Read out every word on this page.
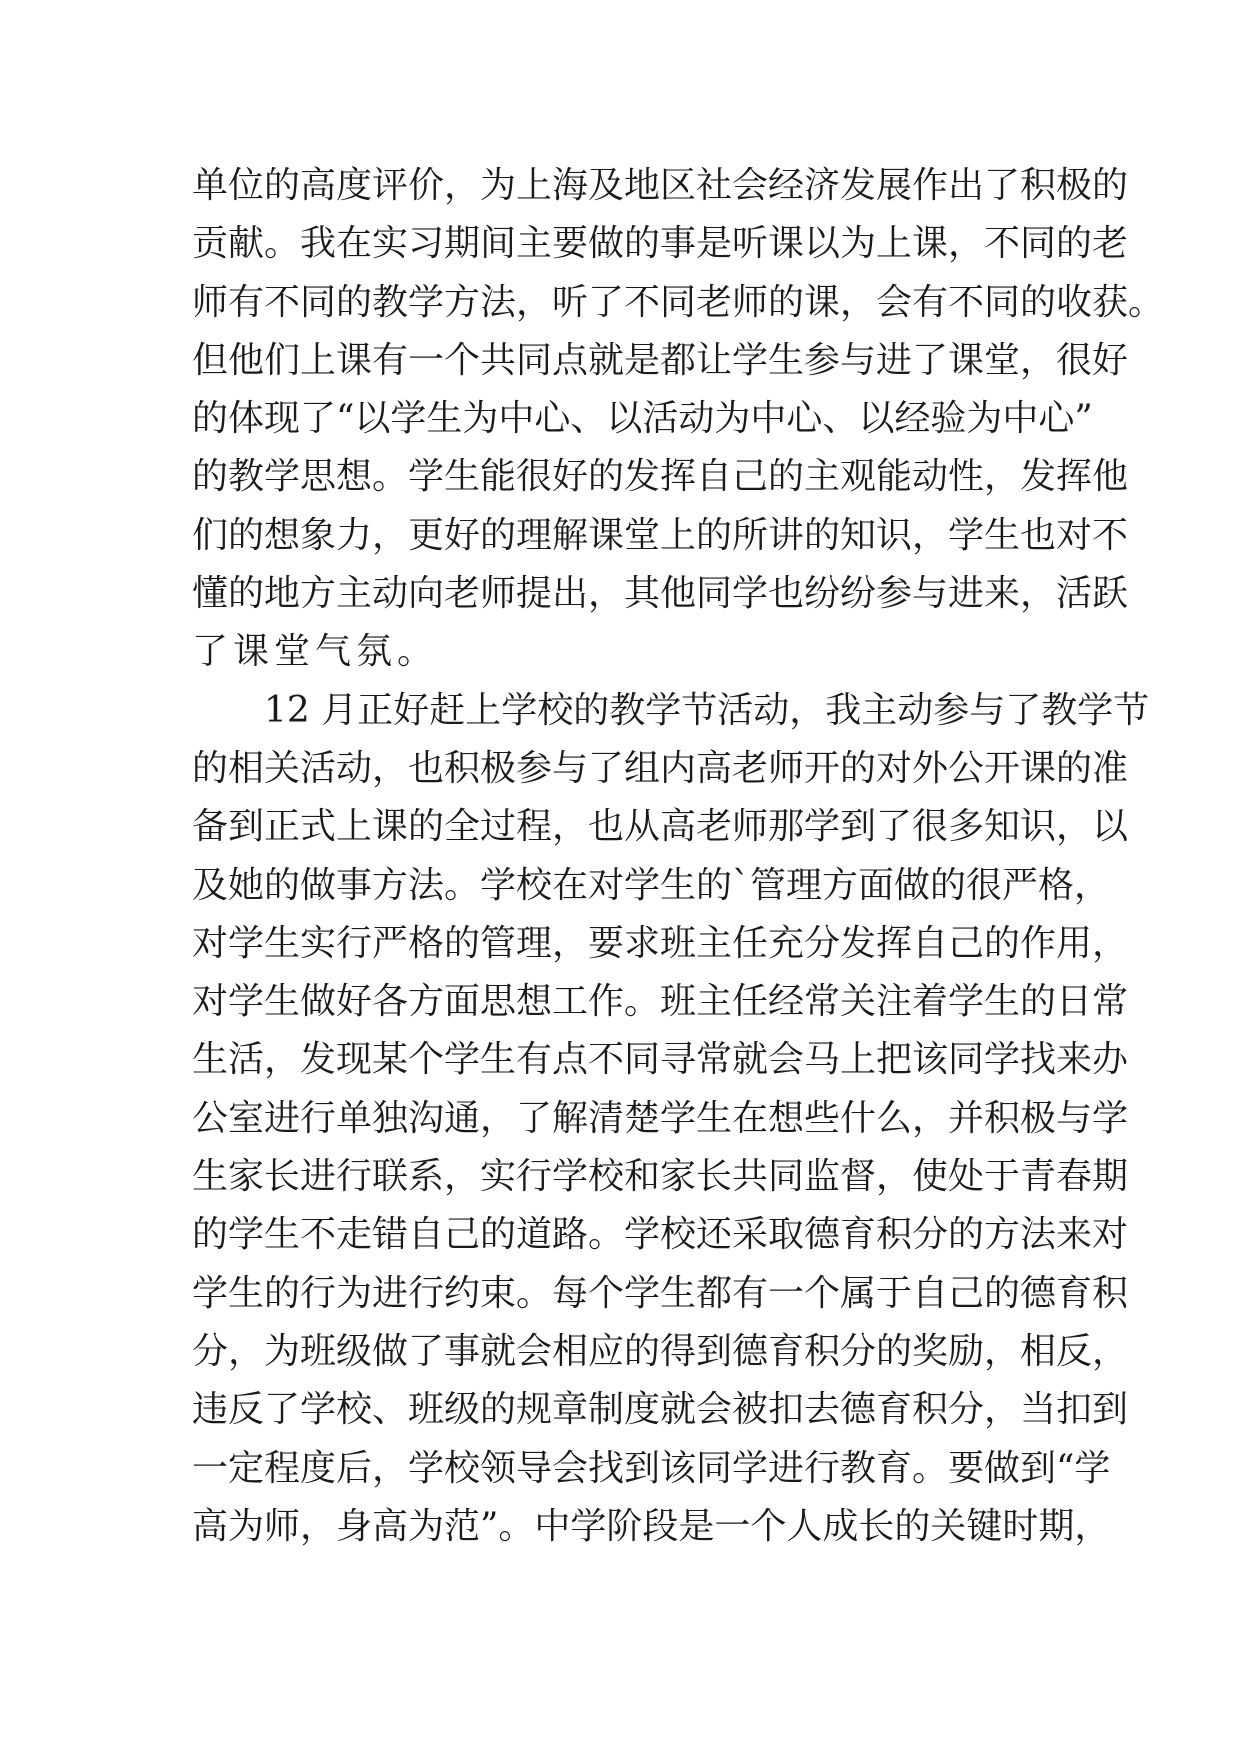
单位的高度评价，为上海及地区社会经济发展作出了积极的
贡献。我在实习期间主要做的事是听课以为上课，不同的老
师有不同的教学方法，听了不同老师的课，会有不同的收获。
但他们上课有一个共同点就是都让学生参与进了课堂，很好
的体现了“以学生为中心、以活动为中心、以经验为中心”
的教学思想。学生能很好的发挥自己的主观能动性，发挥他
们的想象力，更好的理解课堂上的所讲的知识，学生也对不
懂的地方主动向老师提出，其他同学也纷纷参与进来，活跃
了课堂气氛。
　　12 月正好赶上学校的教学节活动，我主动参与了教学节
的相关活动，也积极参与了组内高老师开的对外公开课的准
备到正式上课的全过程，也从高老师那学到了很多知识，以
及她的做事方法。学校在对学生的`管理方面做的很严格，
对学生实行严格的管理，要求班主任充分发挥自己的作用，
对学生做好各方面思想工作。班主任经常关注着学生的日常
生活，发现某个学生有点不同寻常就会马上把该同学找来办
公室进行单独沟通，了解清楚学生在想些什么，并积极与学
生家长进行联系，实行学校和家长共同监督，使处于青春期
的学生不走错自己的道路。学校还采取德育积分的方法来对
学生的行为进行约束。每个学生都有一个属于自己的德育积
分，为班级做了事就会相应的得到德育积分的奖励，相反，
违反了学校、班级的规章制度就会被扣去德育积分，当扣到
一定程度后，学校领导会找到该同学进行教育。要做到“学
高为师，身高为范”。中学阶段是一个人成长的关键时期，
